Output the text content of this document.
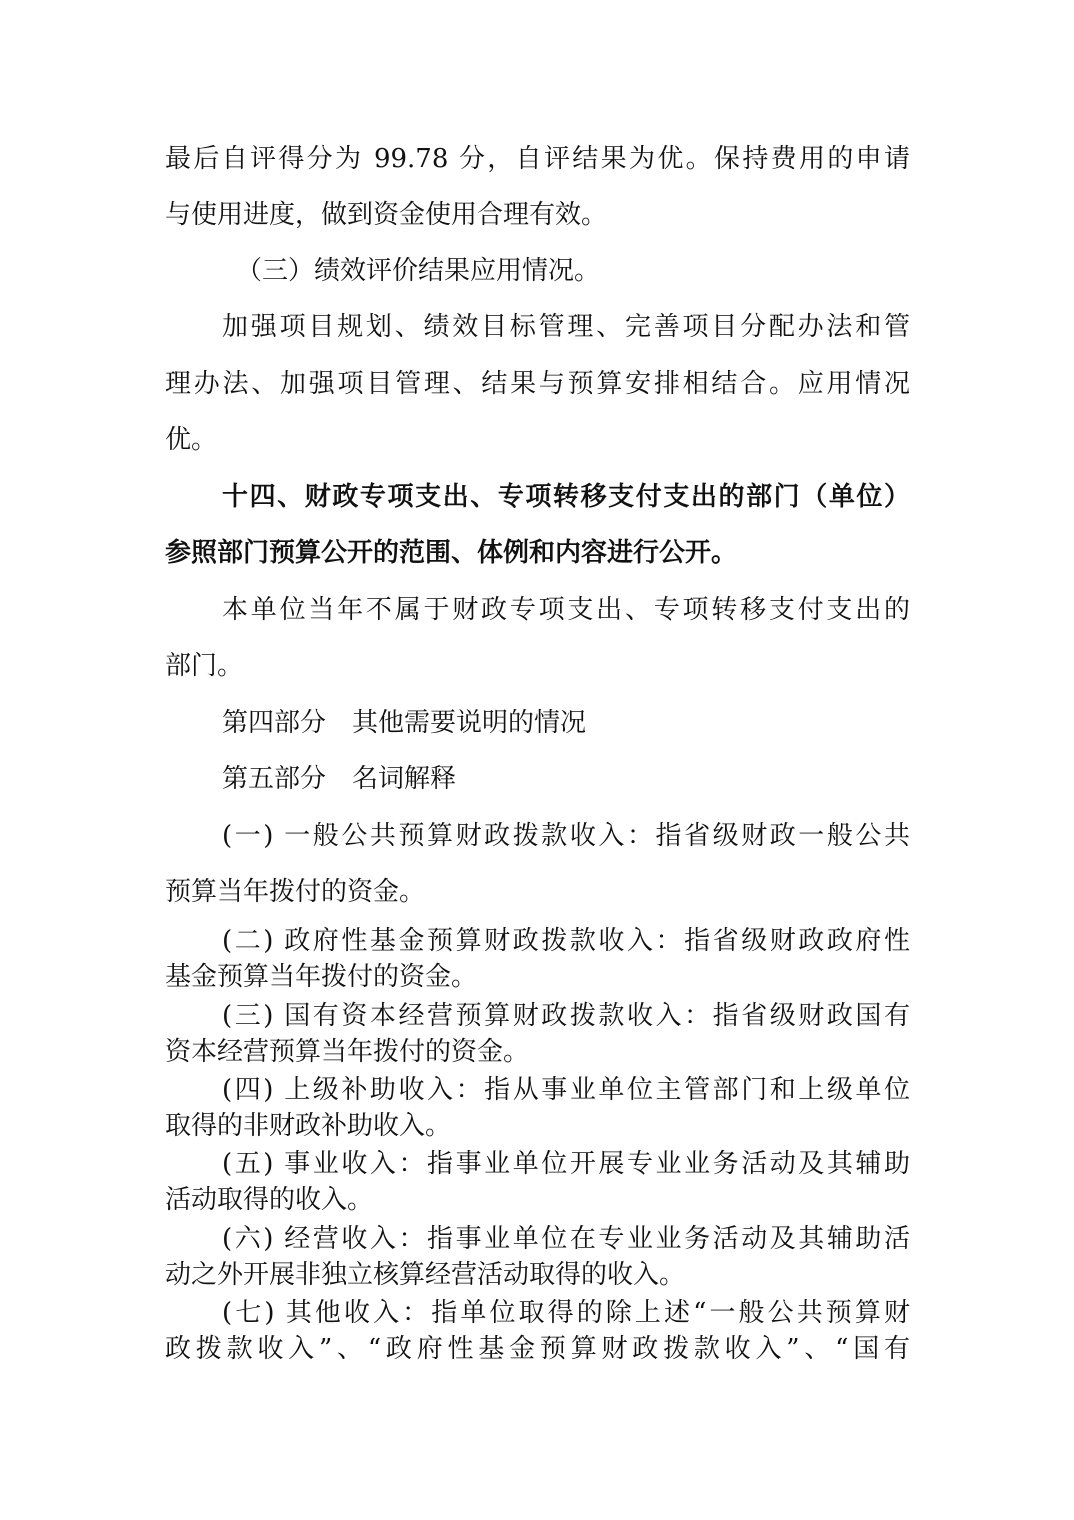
最后自评得分为 99.78 分，自评结果为优。保持费用的申请
与使用进度，做到资金使用合理有效。
（三）绩效评价结果应用情况。
加强项目规划、绩效目标管理、完善项目分配办法和管
理办法、加强项目管理、结果与预算安排相结合。应用情况
优。
十四、财政专项支出、专项转移支付支出的部门（单位）
参照部门预算公开的范围、体例和内容进行公开。
本单位当年不属于财政专项支出、专项转移支付支出的
部门。
第四部分　其他需要说明的情况
第五部分　名词解释
(一) 一般公共预算财政拨款收入：指省级财政一般公共
预算当年拨付的资金。
(二) 政府性基金预算财政拨款收入：指省级财政政府性
基金预算当年拨付的资金。
(三) 国有资本经营预算财政拨款收入：指省级财政国有
资本经营预算当年拨付的资金。
(四) 上级补助收入：指从事业单位主管部门和上级单位
取得的非财政补助收入。
(五) 事业收入：指事业单位开展专业业务活动及其辅助
活动取得的收入。
(六) 经营收入：指事业单位在专业业务活动及其辅助活
动之外开展非独立核算经营活动取得的收入。
(七) 其他收入：指单位取得的除上述“一般公共预算财
政拨款收入”、“政府性基金预算财政拨款收入”、“国有
